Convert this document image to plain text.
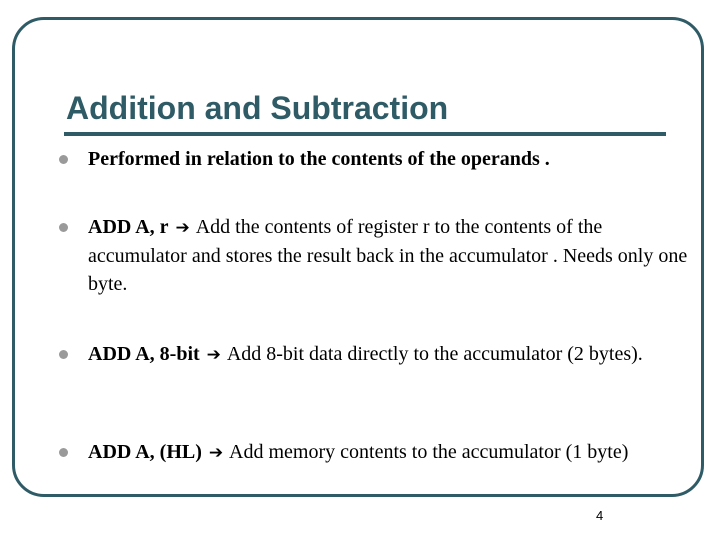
Addition and Subtraction
Performed in relation to the contents of the operands .
ADD A, r ➔ Add the contents of register r to the contents of the accumulator and stores the result back in the accumulator . Needs only one byte.
ADD A, 8-bit ➔ Add 8-bit data directly to the accumulator (2 bytes).
ADD A, (HL) ➔ Add memory contents to the accumulator (1 byte)
4
